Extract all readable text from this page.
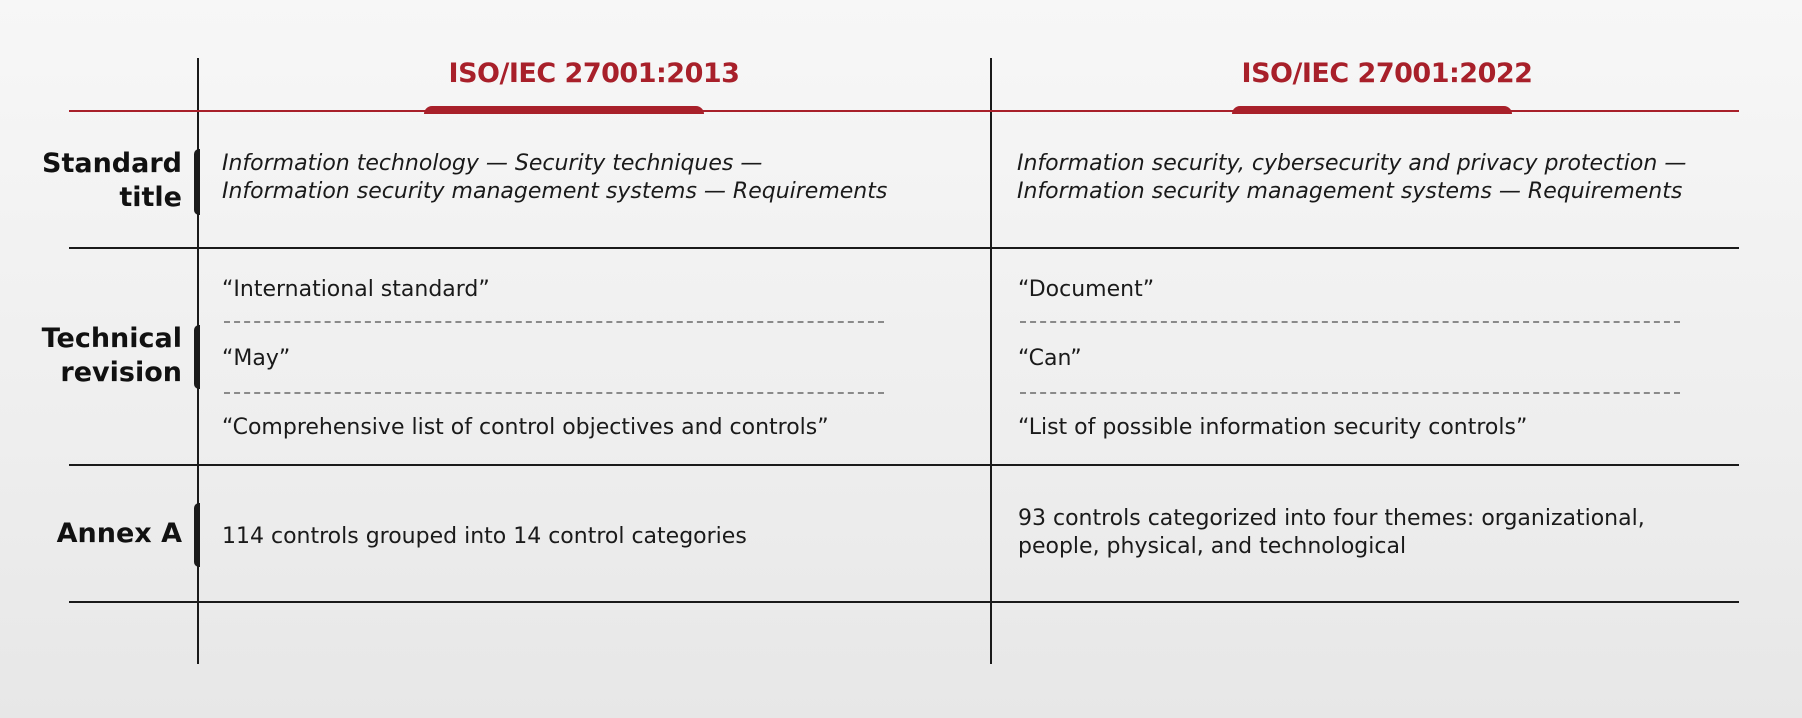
ISO/IEC 27001:2013	ISO/IEC 27001:2022
Standard
title
Information technology — Security techniques —
Information security management systems — Requirements
Information security, cybersecurity and privacy protection —
Information security management systems — Requirements
Technical
revision
“International standard”
“May”
“Comprehensive list of control objectives and controls”
“Document”
“Can”
“List of possible information security controls”
Annex A 114 controls grouped into 14 control categories
93 controls categorized into four themes: organizational,
people, physical, and technological
